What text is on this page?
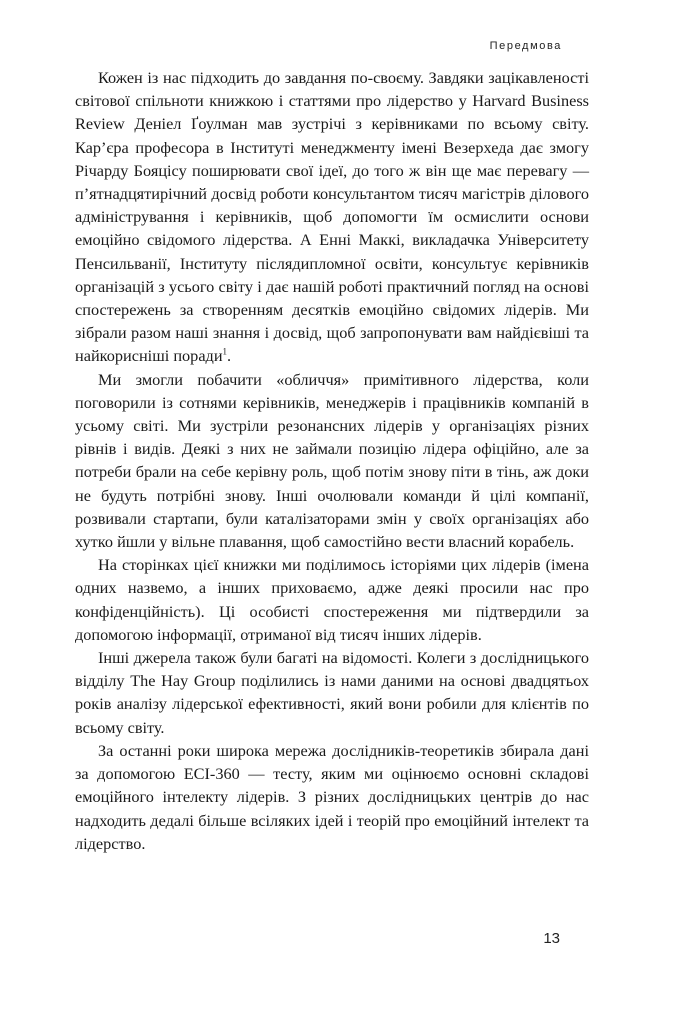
Передмова

Кожен із нас підходить до завдання по-своєму. Завдяки зацікавленості світової спільноти книжкою і статтями про лідерство у Harvard Business Review Деніел Ґоулман мав зустрічі з керівниками по всьому світу. Кар’єра професора в Інституті менеджменту імені Везерхеда дає змогу Річарду Бояцісу поширювати свої ідеї, до того ж він ще має перевагу — п’ятнадцятирічний досвід роботи консультантом тисяч магістрів ділового адміністрування і керівників, щоб допомогти їм осмислити основи емоційно свідомого лідерства. А Енні Маккі, викладачка Університету Пенсильванії, Інституту післядипломної освіти, консультує керівників організацій з усього світу і дає нашій роботі практичний погляд на основі спостережень за створенням десятків емоційно свідомих лідерів. Ми зібрали разом наші знання і досвід, щоб запропонувати вам найдієвіші та найкорисніші поради$^1$.

Ми змогли побачити «обличчя» примітивного лідерства, коли поговорили із сотнями керівників, менеджерів і працівників компаній в усьому світі. Ми зустріли резонансних лідерів у організаціях різних рівнів і видів. Деякі з них не займали позицію лідера офіційно, але за потреби брали на себе керівну роль, щоб потім знову піти в тінь, аж доки не будуть потрібні знову. Інші очолювали команди й цілі компанії, розвивали стартапи, були каталізаторами змін у своїх організаціях або хутко йшли у вільне плавання, щоб самостійно вести власний корабель.

На сторінках цієї книжки ми поділимось історіями цих лідерів (імена одних назвемо, а інших приховаємо, адже деякі просили нас про конфіденційність). Ці особисті спостереження ми підтвердили за допомогою інформації, отриманої від тисяч інших лідерів.

Інші джерела також були багаті на відомості. Колеги з дослідницького відділу The Hay Group поділились із нами даними на основі двадцятьох років аналізу лідерської ефективності, який вони робили для клієнтів по всьому світу.

За останні роки широка мережа дослідників-теоретиків збирала дані за допомогою ECI-360 — тесту, яким ми оцінюємо основні складові емоційного інтелекту лідерів. З різних дослідницьких центрів до нас надходить дедалі більше всіляких ідей і теорій про емоційний інтелект та лідерство.

13
